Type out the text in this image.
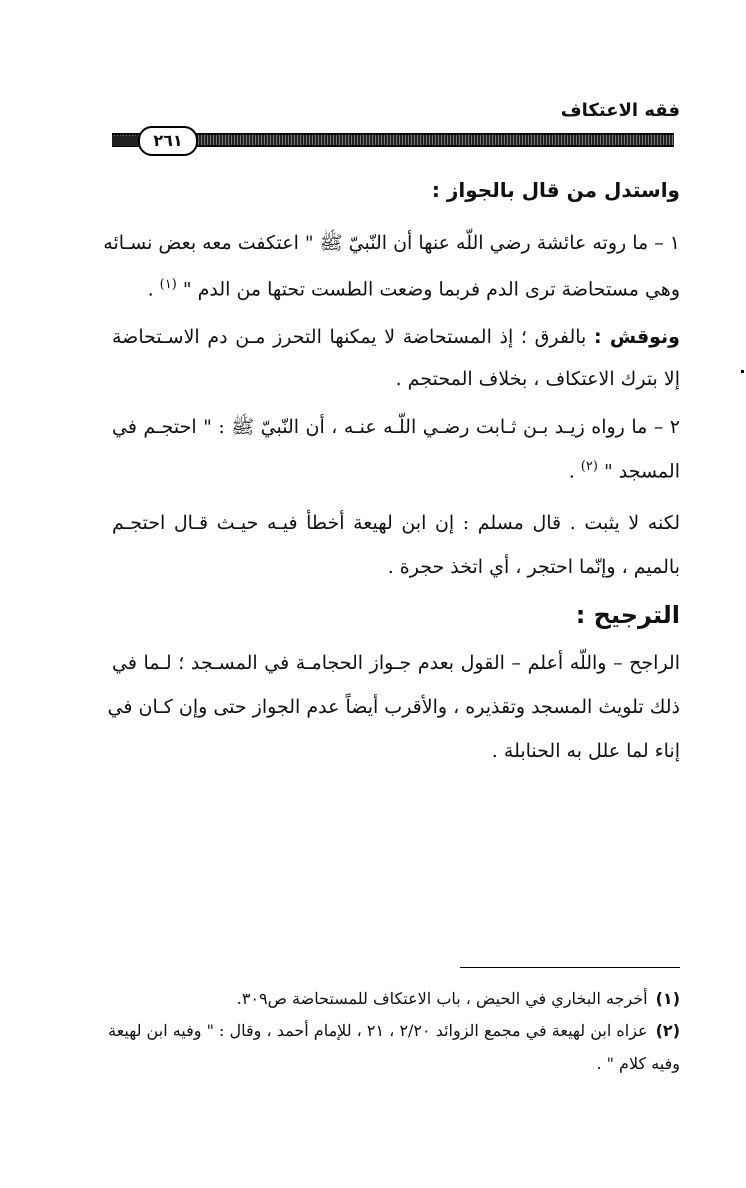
فقه الاعتكاف
٢٦١
واستدل من قال بالجواز :
١ – ما روته عائشة رضي اللّه عنها أن النّبيّ ﷺ " اعتكفت معه بعض نسـائه
وهي مستحاضة ترى الدم فربما وضعت الطست تحتها من الدم " $^{(١)}$ .
ونوقش : بالفرق ؛ إذ المستحاضة لا يمكنها التحرز مـن دم الاسـتحاضة
إلا بترك الاعتكاف ، بخلاف المحتجم .
٢ – ما رواه زيـد بـن ثـابت رضـي اللّـه عنـه ، أن النّبيّ ﷺ : " احتجـم في
المسجد " $^{(٢)}$ .
لكنه لا يثبت . قال مسلم : إن ابن لهيعة أخطأ فيـه حيـث قـال احتجـم
بالميم ، وإنّما احتجر ، أي اتخذ حجرة .
الترجيح :
الراجح – واللّه أعلم – القول بعدم جـواز الحجامـة في المسـجد ؛ لـما في
ذلك تلويث المسجد وتقذيره ، والأقرب أيضاً عدم الجواز حتى وإن كـان في
إناء لما علل به الحنابلة .
(١)أخرجه البخاري في الحيض ، باب الاعتكاف للمستحاضة ص٣٠٩.
(٢)عزاه ابن لهيعة في مجمع الزوائد ٢/٢٠ ، ٢١ ، للإمام أحمد ، وقال : " وفيه ابن لهيعة
وفيه كلام " .
